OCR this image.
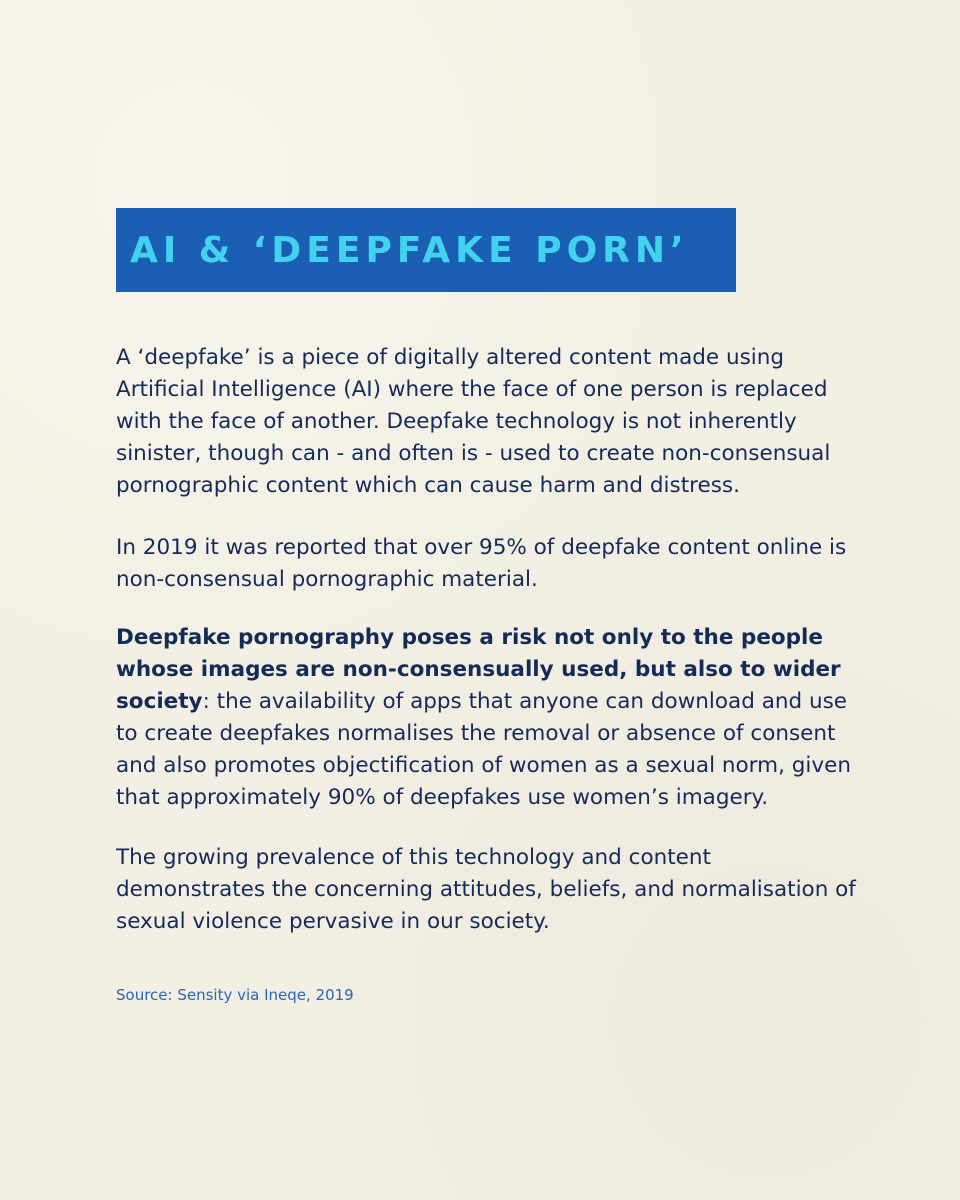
AI & ‘DEEPFAKE PORN’

A ‘deepfake’ is a piece of digitally altered content made using Artificial Intelligence (AI) where the face of one person is replaced with the face of another. Deepfake technology is not inherently sinister, though can - and often is - used to create non-consensual pornographic content which can cause harm and distress.

In 2019 it was reported that over 95% of deepfake content online is non-consensual pornographic material.

Deepfake pornography poses a risk not only to the people whose images are non-consensually used, but also to wider society: the availability of apps that anyone can download and use to create deepfakes normalises the removal or absence of consent and also promotes objectification of women as a sexual norm, given that approximately 90% of deepfakes use women’s imagery.

The growing prevalence of this technology and content demonstrates the concerning attitudes, beliefs, and normalisation of sexual violence pervasive in our society.

Source: Sensity via Ineqe, 2019
